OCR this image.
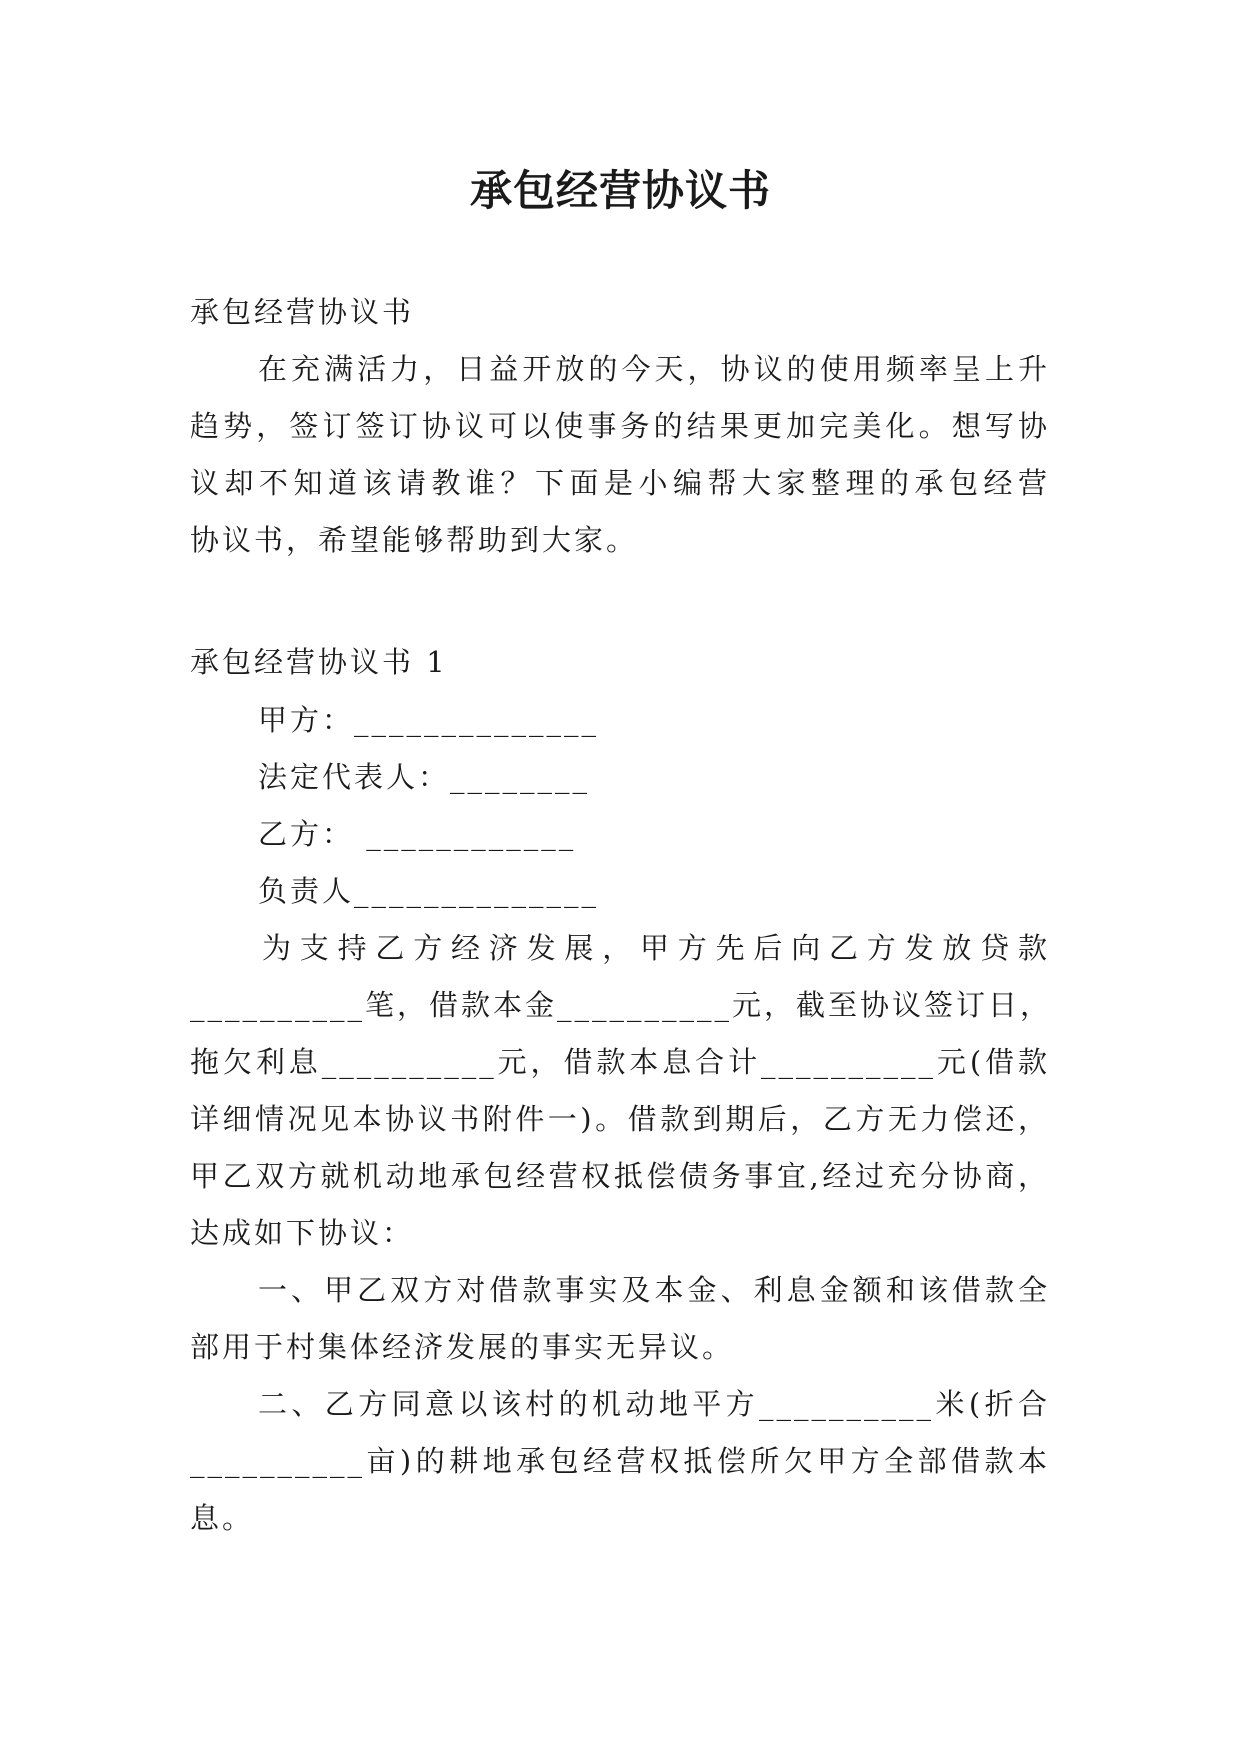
承包经营协议书
承包经营协议书
在充满活力，日益开放的今天，协议的使用频率呈上升
趋势，签订签订协议可以使事务的结果更加完美化。想写协
议却不知道该请教谁？下面是小编帮大家整理的承包经营
协议书，希望能够帮助到大家。
承包经营协议书 1
甲方：______________
法定代表人：________
乙方： ____________
负责人______________
为支持乙方经济发展，甲方先后向乙方发放贷款
__________笔，借款本金__________元，截至协议签订日，
拖欠利息__________元，借款本息合计__________元(借款
详细情况见本协议书附件一)。借款到期后，乙方无力偿还，
甲乙双方就机动地承包经营权抵偿债务事宜,经过充分协商，
达成如下协议：
一、甲乙双方对借款事实及本金、利息金额和该借款全
部用于村集体经济发展的事实无异议。
二、乙方同意以该村的机动地平方__________米(折合
__________亩)的耕地承包经营权抵偿所欠甲方全部借款本
息。
